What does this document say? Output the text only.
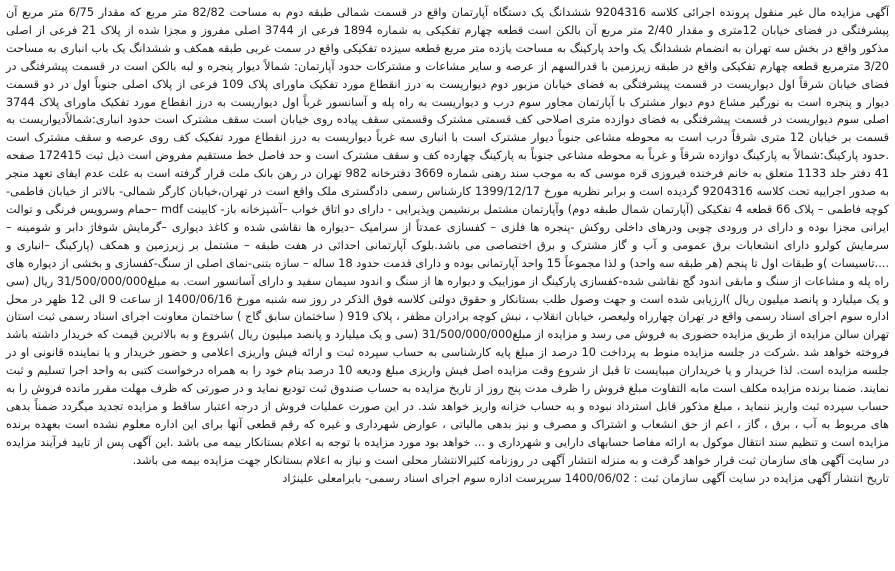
آگهی مزایده مال غیر منقول پرونده اجرائی کلاسه 9204316 ششدانگ یک دستگاه آپارتمان واقع در قسمت شمالی طبقه دوم به مساحت 82/82 متر مربع که مقدار 6/75 متر مربع آن پیشرفتگی در فضای خیابان 12متری و مقدار 2/40 متر مربع آن بالکن است قطعه چهارم تفکیکی به شماره 1894 فرعی از 3744 اصلی مفروز و مجزا شده از پلاک 21 فرعی از اصلی مذکور واقع در بخش سه تهران به انضمام ششدانگ یک واحد پارکینگ به مساحت یازده متر مربع قطعه سیزده تفکیکی واقع در سمت غربی طبقه همکف و ششدانگ یک باب انباری به مساحت 3/20 مترمربع قطعه چهارم تفکیکی واقع در طبقه زیرزمین با قدرالسهم از عرصه و سایر مشاعات و مشترکات حدود آپارتمان: شمالاً دیوار پنجره و لبه بالکن است در قسمت پیشرفتگی در فضای خیابان شرقاً اول دیواریست در قسمت پیشرفتگی به فضای خیابان مزبور دوم دیواریست به درز انقطاع مورد تفکیک ماورای پلاک 109 فرعی از پلاک اصلی جنوباً اول در دو قسمت دیوار و پنجره است به نورگیر مشاع دوم دیوار مشترک با آپارتمان مجاور سوم درب و دیواریست به راه پله و آسانسور غرباً اول دیواریست به درز انقطاع مورد تفکیک ماورای پلاک 3744 اصلی سوم دیواریست در قسمت پیشرفتگی به فضای دوازده متری اصلاحی کف قسمتی مشترک وقسمتی سقف پیاده روی خیابان است سقف مشترک است حدود انباری:شمالاًدیواریست به قسمت بر خیابان 12 متری شرقاً درب است به محوطه مشاعی جنوباً دیوار مشترک است با انباری سه غرباً دیواریست به درز انقطاع مورد تفکیک کف روی عرصه و سقف مشترک است .حدود پارکینگ:شمالاً به پارکینگ دوازده شرقاً و غرباً به محوطه مشاعی جنوباً به پارکینگ چهارده کف و سقف مشترک است و حد فاصل خط مستقیم مفروض است ذیل ثبت 172415 صفحه 41 دفتر جلد 1133 متعلق به خانم فرخنده فیروزی قره موسی که به موجب سند رهنی شماره 3669 دفترخانه 982 تهران در رهن بانک ملت قرار گرفته است به علت عدم ایفای تعهد منجر به صدور اجراییه تحت کلاسه 9204316 گردیده است و برابر نظریه مورخ 1399/12/17 کارشناس رسمی دادگستری ملک واقع است در تهران،خیابان کارگر شمالی- بالاتر از خیابان فاطمی-کوچه فاطمی – پلاک 66 قطعه 4 تفکیکی (آپارتمان شمال طبقه دوم) وآپارتمان مشتمل برنشیمن وپذیرایی - دارای دو اتاق خواب –آشپزخانه باز- کابینت mdf –حمام وسرویس فرنگی و توالت ایرانی مجزا بوده و دارای در ورودی چوبی ودرهای داخلی روکش -پنجره ها فلزی – کفسازی عمدتاً از سرامیک –دیواره ها نقاشی شده و کاغذ دیواری –گرمایش شوفاژ دابر و شومینه –سرمایش کولرو دارای انشعابات برق عمومی و آب و گاز مشترک و برق اختصاصی می باشد.بلوک آپارتمانی احداثی در هفت طبقه – مشتمل بر زیرزمین و همکف (پارکینگ –انباری و ....تاسیسات )و طبقات اول تا پنجم (هر طبقه سه واحد) و لذا مجموعاً 15 واحد آپارتمانی بوده و دارای قدمت حدود 18 ساله – سازه بتنی-نمای اصلی از سنگ-کفسازی و بخشی از دیواره های راه پله و مشاعات از سنگ و مابقی اندود گچ نقاشی شده-کفسازی پارکینگ از موزاییک و دیواره ها از سنگ و اندود سیمان سفید و دارای آسانسور است. به مبلغ31/500/000/000 ریال (سی و یک میلیارد و پانصد میلیون ریال )ارزیابی شده است و جهت وصول طلب بستانکار و حقوق دولتی کلاسه فوق الذکر در روز سه شنبه مورخ 1400/06/16 از ساعت 9 الی 12 ظهر در محل اداره سوم اجرای اسناد رسمی واقع در تهران چهارراه ولیعصر، خیابان انقلاب ، نبش کوچه برادران مظفر ، پلاک 919 ( ساختمان سابق گاج ) ساختمان معاونت اجرای اسناد رسمی ثبت استان تهران سالن مزایده از طریق مزایده حضوری به فروش می رسد و مزایده از مبلغ31/500/000/000 (سی و یک میلیارد و پانصد میلیون ریال )شروع و به بالاترین قیمت که خریدار داشته باشد فروخته خواهد شد .شرکت در جلسه مزایده منوط به پرداخت 10 درصد از مبلغ پایه کارشناسی به حساب سپرده ثبت و ارائه فیش واریزی اعلامی و حضور خریدار و یا نماینده قانونی او در جلسه مزایده است. لذا خریدار و یا خریداران میبایست تا قبل از شروع وقت مزایده اصل فیش واریزی مبلغ ودیعه 10 درصد بنام خود را به همراه درخواست کتبی به واحد اجرا تسلیم و ثبت نمایند. ضمنا برنده مزایده مکلف است مابه التفاوت مبلغ فروش را ظرف مدت پنج روز از تاریخ مزایده به حساب صندوق ثبت تودیع نماید و در صورتی که ظرف مهلت مقرر مانده فروش را به حساب سپرده ثبت واریز ننماید ، مبلغ مذکور قابل استرداد نبوده و به حساب خزانه واریز خواهد شد. در این صورت عملیات فروش از درجه اعتبار ساقط و مزایده تجدید میگردد ضمناً بدهی های مربوط به آب ، برق ، گاز ، اعم از حق انشعاب و اشتراک و مصرف و نیز بدهی مالیاتی ، عوارض شهرداری و غیره که رقم قطعی آنها برای این اداره معلوم نشده است بعهده برنده مزایده است و تنظیم سند انتقال موکول به ارائه مفاصا حسابهای دارایی و شهرداری و ... خواهد بود مورد مزایده با توجه به اعلام بستانکار بیمه می باشد .این آگهی پس از تایید فرآیند مزایده در سایت آگهی های سازمان ثبت قرار خواهد گرفت و به منزله انتشار آگهی در روزنامه کثیرالانتشار محلی است و نیاز به اعلام بستانکار جهت مزایده بیمه می باشد.

تاریخ انتشار آگهی مزایده در سایت آگهی سازمان ثبت : 1400/06/02 سرپرست اداره سوم اجرای اسناد رسمی- بابرامعلی علینژاد
